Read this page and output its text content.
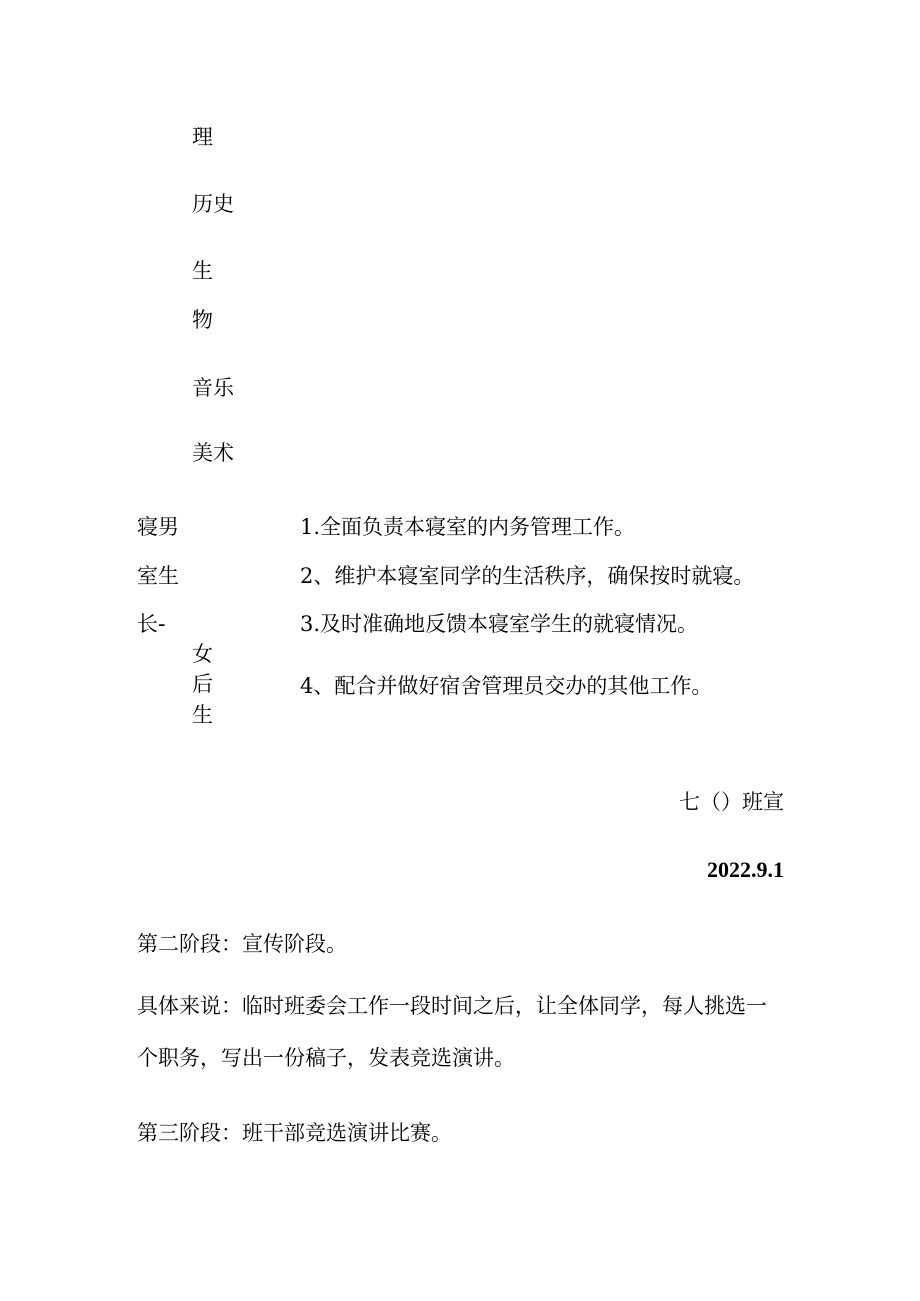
理
历史
生
物
音乐
美术
寝男
室生
长-
女
后
生
1.全面负责本寝室的内务管理工作。
2、维护本寝室同学的生活秩序，确保按时就寝。
3.及时准确地反馈本寝室学生的就寝情况。
4、配合并做好宿舍管理员交办的其他工作。
七（）班宣
2022.9.1
第二阶段：宣传阶段。
具体来说：临时班委会工作一段时间之后，让全体同学，每人挑选一
个职务，写出一份稿子，发表竞选演讲。
第三阶段：班干部竞选演讲比赛。
